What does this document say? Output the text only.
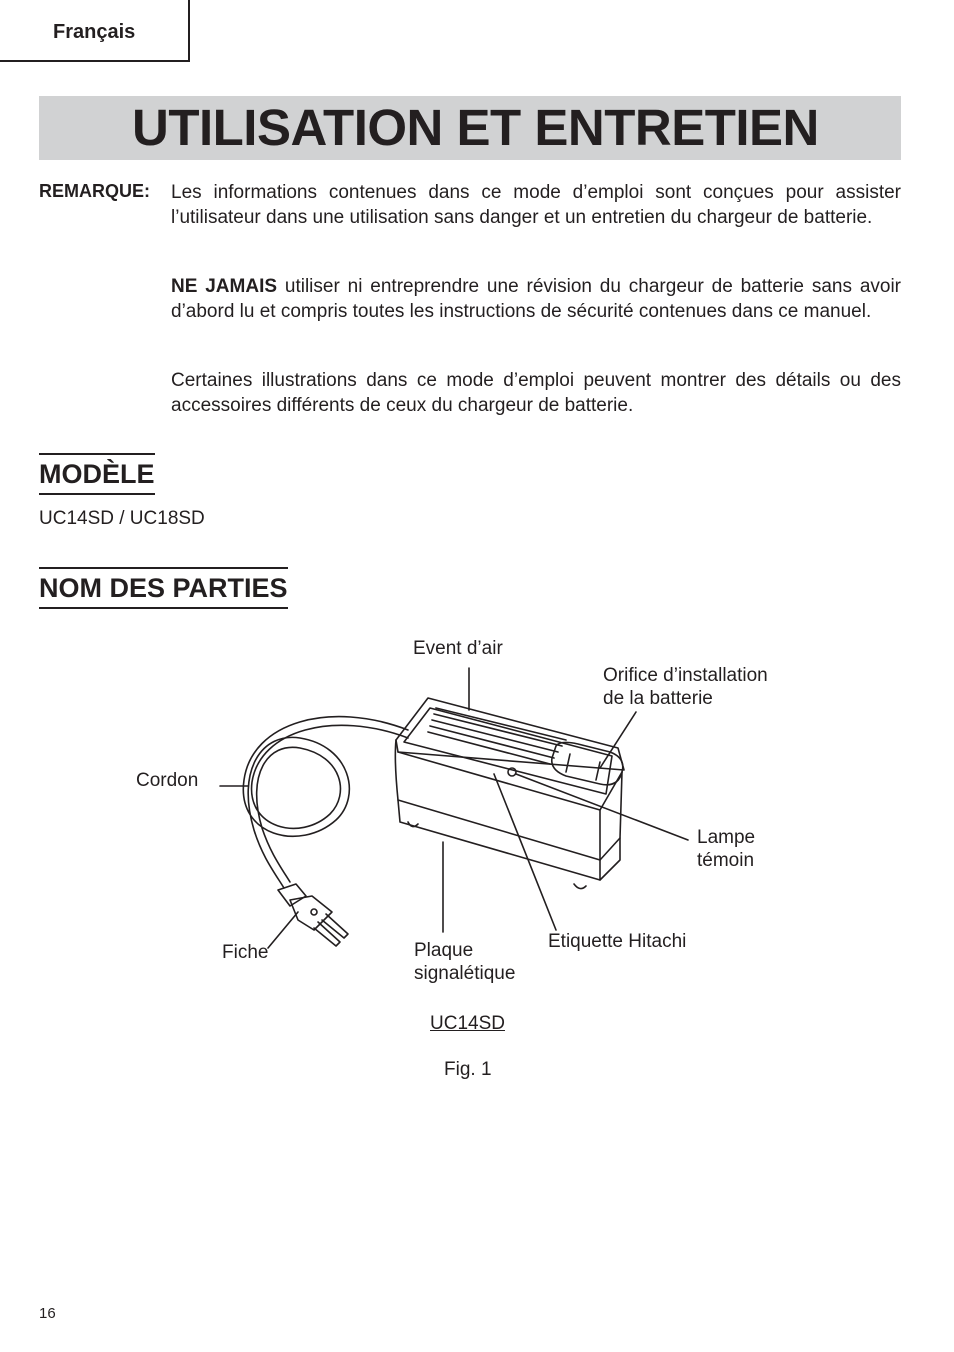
Français
UTILISATION ET ENTRETIEN
REMARQUE: Les informations contenues dans ce mode d’emploi sont conçues pour assister l’utilisateur dans une utilisation sans danger et un entretien du chargeur de batterie.

NE JAMAIS utiliser ni entreprendre une révision du chargeur de batterie sans avoir d’abord lu et compris toutes les instructions de sécurité contenues dans ce manuel.

Certaines illustrations dans ce mode d’emploi peuvent montrer des détails ou des accessoires différents de ceux du chargeur de batterie.

MODÈLE
UC14SD / UC18SD
NOM DES PARTIES
Event d’air
Orifice d’installation
de la batterie
Cordon
Lampe
témoin
Fiche	Plaque
signalétique
Etiquette Hitachi
UC14SD
Fig. 1
16
